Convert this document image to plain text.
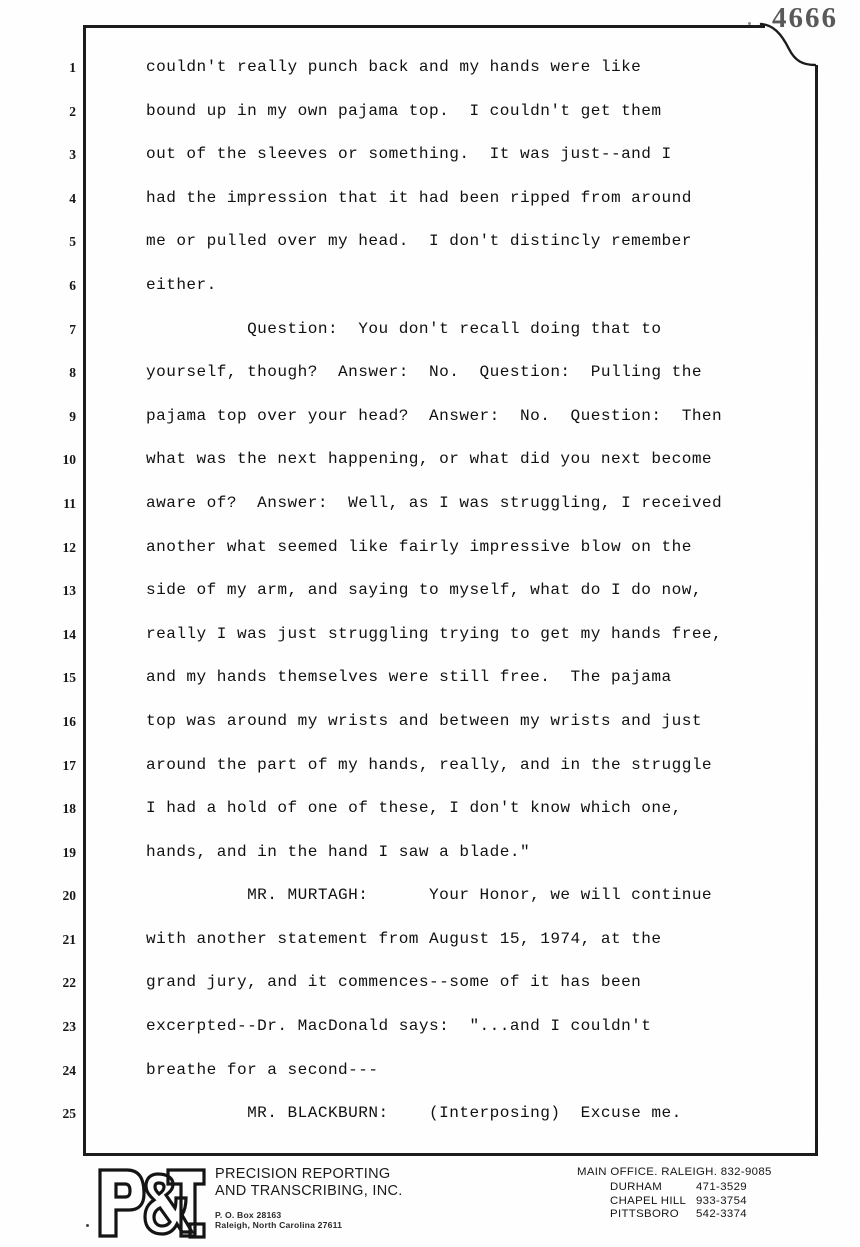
4666
1
2
3
4
5
6
7
8
9
10
11
12
13
14
15
16
17
18
19
20
21
22
23
24
25
couldn't really punch back and my hands were like
bound up in my own pajama top.  I couldn't get them
out of the sleeves or something.  It was just--and I
had the impression that it had been ripped from around
me or pulled over my head.  I don't distincly remember
either.
Question:  You don't recall doing that to
yourself, though?  Answer:  No.  Question:  Pulling the
pajama top over your head?  Answer:  No.  Question:  Then
what was the next happening, or what did you next become
aware of?  Answer:  Well, as I was struggling, I received
another what seemed like fairly impressive blow on the
side of my arm, and saying to myself, what do I do now,
really I was just struggling trying to get my hands free,
and my hands themselves were still free.  The pajama
top was around my wrists and between my wrists and just
around the part of my hands, really, and in the struggle
I had a hold of one of these, I don't know which one,
hands, and in the hand I saw a blade."
MR. MURTAGH:      Your Honor, we will continue
with another statement from August 15, 1974, at the
grand jury, and it commences--some of it has been
excerpted--Dr. MacDonald says:  "...and I couldn't
breathe for a second---
MR. BLACKBURN:    (Interposing)  Excuse me.
PRECISION REPORTING
AND TRANSCRIBING, INC.
P. O. Box 28163
Raleigh, North Carolina 27611
MAIN OFFICE. RALEIGH. 832-9085
DURHAM	471-3529
CHAPEL HILL 933-3754
PITTSBORO	542-3374
